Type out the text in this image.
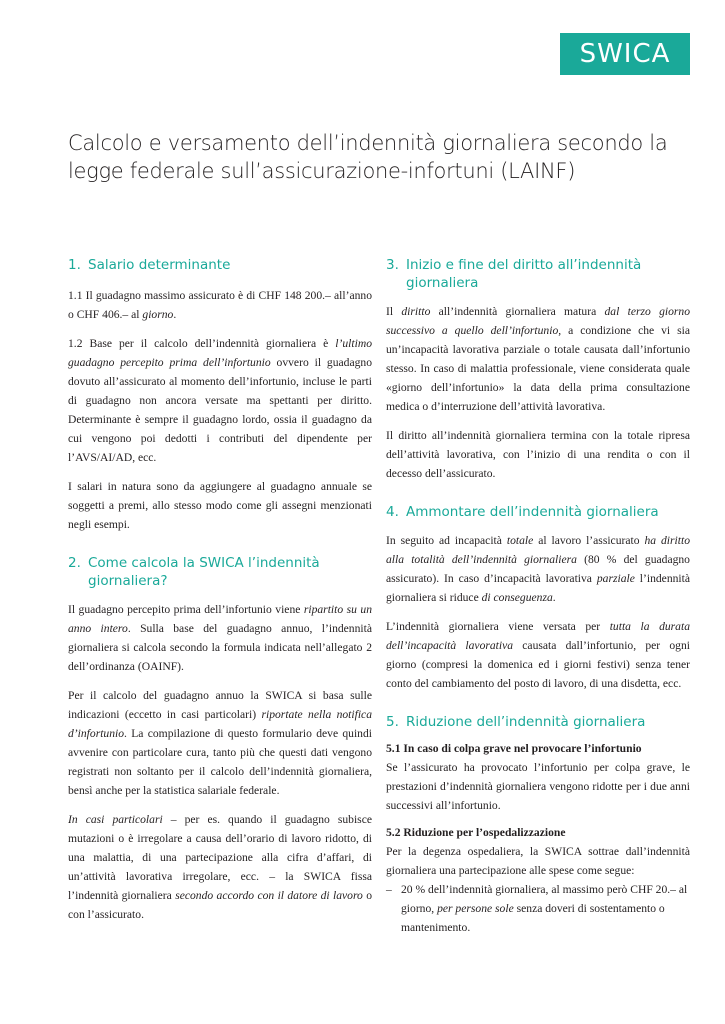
SWICA
Calcolo e versamento dell’indennità giornaliera secondo la legge federale sull’assicurazione-infortuni (LAINF)
1. Salario determinante

1.1 Il guadagno massimo assicurato è di CHF 148 200.– all’anno o CHF 406.– al giorno.

1.2 Base per il calcolo dell’indennità giornaliera è l’ultimo guadagno percepito prima dell’infortunio ovvero il guadagno dovuto all’assicurato al momento dell’infortunio, incluse le parti di guadagno non ancora versate ma spettanti per diritto. Determinante è sempre il guadagno lordo, ossia il guadagno da cui vengono poi dedotti i contributi del dipendente per l’AVS/AI/AD, ecc.

I salari in natura sono da aggiungere al guadagno annuale se soggetti a premi, allo stesso modo come gli assegni menzionati negli esempi.

2. Come calcola la SWICA l’indennità giornaliera?

Il guadagno percepito prima dell’infortunio viene ripartito su un anno intero. Sulla base del guadagno annuo, l’indennità giornaliera si calcola secondo la formula indicata nell’allegato 2 dell’ordinanza (OAINF).

Per il calcolo del guadagno annuo la SWICA si basa sulle indicazioni (eccetto in casi particolari) riportate nella notifica d’infortunio. La compilazione di questo formulario deve quindi avvenire con particolare cura, tanto più che questi dati vengono registrati non soltanto per il calcolo dell’indennità giornaliera, bensì anche per la statistica salariale federale.

In casi particolari – per es. quando il guadagno subisce mutazioni o è irregolare a causa dell’orario di lavoro ridotto, di una malattia, di una partecipazione alla cifra d’affari, di un’attività lavorativa irregolare, ecc. – la SWICA fissa l’indennità giornaliera secondo accordo con il datore di lavoro o con l’assicurato.

3. Inizio e fine del diritto all’indennità giornaliera

Il diritto all’indennità giornaliera matura dal terzo giorno successivo a quello dell’infortunio, a condizione che vi sia un’incapacità lavorativa parziale o totale causata dall’infortunio stesso. In caso di malattia professionale, viene considerata quale «giorno dell’infortunio» la data della prima consultazione medica o d’interruzione dell’attività lavorativa.

Il diritto all’indennità giornaliera termina con la totale ripresa dell’attività lavorativa, con l’inizio di una rendita o con il decesso dell’assicurato.

4. Ammontare dell’indennità giornaliera

In seguito ad incapacità totale al lavoro l’assicurato ha diritto alla totalità dell’indennità giornaliera (80 % del guadagno assicurato). In caso d’incapacità lavorativa parziale l’indennità giornaliera si riduce di conseguenza.

L’indennità giornaliera viene versata per tutta la durata dell’incapacità lavorativa causata dall’infortunio, per ogni giorno (compresi la domenica ed i giorni festivi) senza tener conto del cambiamento del posto di lavoro, di una disdetta, ecc.

5. Riduzione dell’indennità giornaliera

5.1 In caso di colpa grave nel provocare l’infortunio

Se l’assicurato ha provocato l’infortunio per colpa grave, le prestazioni d’indennità giornaliera vengono ridotte per i due anni successivi all’infortunio.

5.2 Riduzione per l’ospedalizzazione

Per la degenza ospedaliera, la SWICA sottrae dall’indennità giornaliera una partecipazione alle spese come segue:

– 20 % dell’indennità giornaliera, al massimo però CHF 20.– al giorno, per persone sole senza doveri di sostentamento o mantenimento.
